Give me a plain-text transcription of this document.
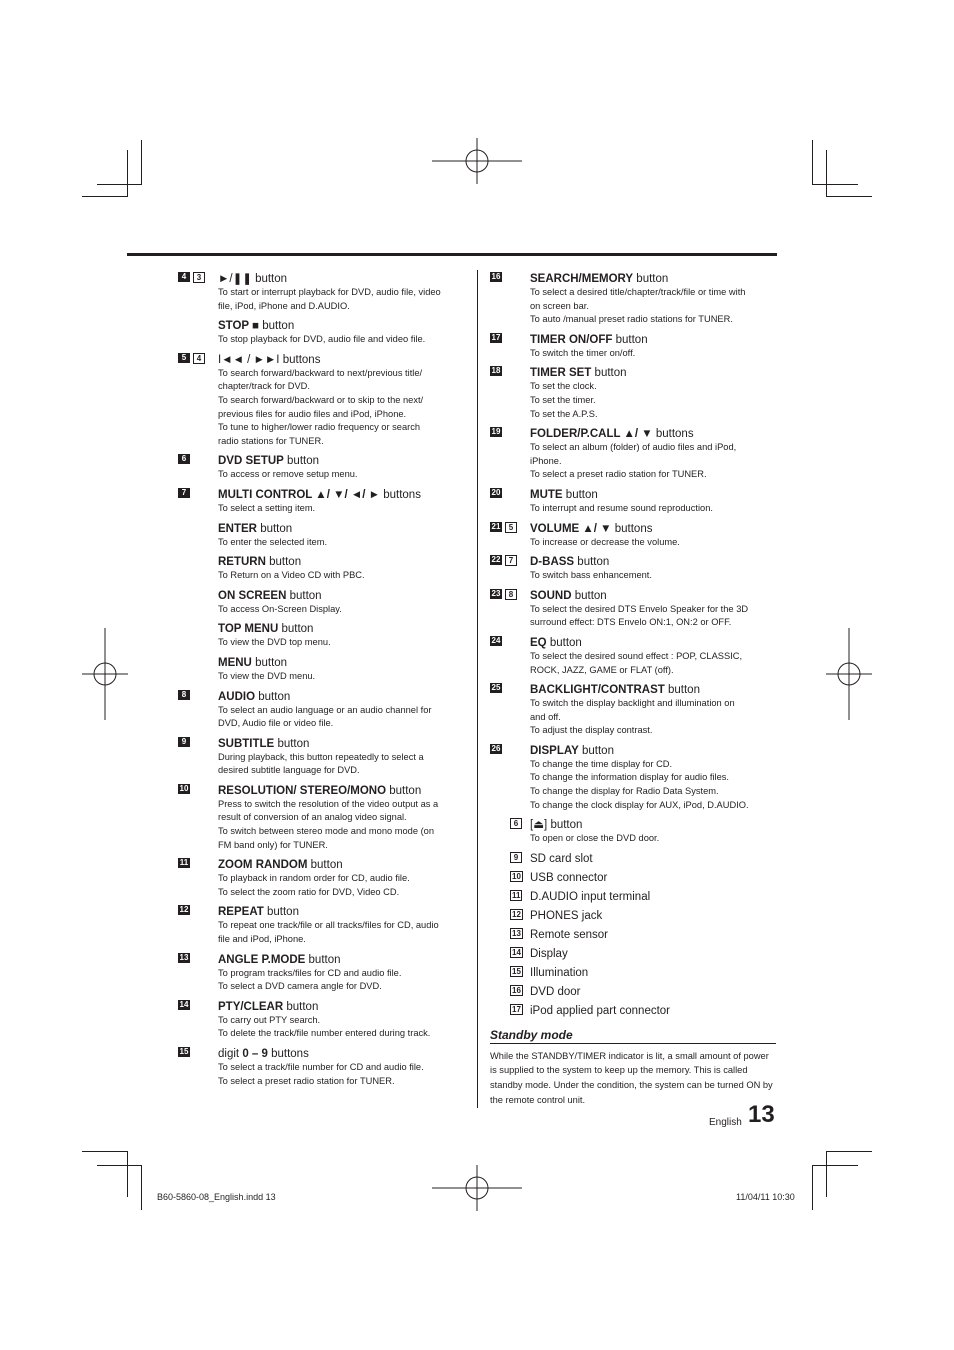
4	3	►/❚❚ button
To start or interrupt playback for DVD, audio file, video
file, iPod, iPhone and D.AUDIO.
STOP ■ button
To stop playback for DVD, audio file and video file.
5	4	I◄◄ / ►►I buttons
To search forward/backward to next/previous title/
chapter/track for DVD.
To search forward/backward or to skip to the next/
previous files for audio files and iPod, iPhone.
To tune to higher/lower radio frequency or search
radio stations for TUNER.
6	DVD SETUP button
To access or remove setup menu.
7	MULTI CONTROL ▲/ ▼/ ◄/ ► buttons
To select a setting item.
ENTER button
To enter the selected item.
RETURN button
To Return on a Video CD with PBC.
ON SCREEN button
To access On-Screen Display.
TOP MENU button
To view the DVD top menu.
MENU button
To view the DVD menu.
8	AUDIO button
To select an audio language or an audio channel for
DVD, Audio file or video file.
9	SUBTITLE button
During playback, this button repeatedly to select a
desired subtitle language for DVD.
10	RESOLUTION/ STEREO/MONO button
Press to switch the resolution of the video output as a
result of conversion of an analog video signal.
To switch between stereo mode and mono mode (on
FM band only) for TUNER.
11	ZOOM RANDOM button
To playback in random order for CD, audio file.
To select the zoom ratio for DVD, Video CD.
12	REPEAT button
To repeat one track/file or all tracks/files for CD, audio
file and iPod, iPhone.
13	ANGLE P.MODE button
To program tracks/files for CD and audio file.
To select a DVD camera angle for DVD.
14	PTY/CLEAR button
To carry out PTY search.
To delete the track/file number entered during track.
15	digit 0 – 9 buttons
To select a track/file number for CD and audio file.
To select a preset radio station for TUNER.
16	SEARCH/MEMORY button
To select a desired title/chapter/track/file or time with
on screen bar.
To auto /manual preset radio stations for TUNER.
17	TIMER ON/OFF button
To switch the timer on/off.
18	TIMER SET button
To set the clock.
To set the timer.
To set the A.P.S.
19	FOLDER/P.CALL ▲/ ▼ buttons
To select an album (folder) of audio files and iPod,
iPhone.
To select a preset radio station for TUNER.
20	MUTE button
To interrupt and resume sound reproduction.
21	5	VOLUME ▲/ ▼ buttons
To increase or decrease the volume.
22	7	D-BASS button
To switch bass enhancement.
23	8	SOUND button
To select the desired DTS Envelo Speaker for the 3D
surround effect: DTS Envelo ON:1, ON:2 or OFF.
24	EQ button
To select the desired sound effect : POP, CLASSIC,
ROCK, JAZZ, GAME or FLAT (off).
25	BACKLIGHT/CONTRAST button
To switch the display backlight and illumination on
and off.
To adjust the display contrast.
26	DISPLAY button
To change the time display for CD.
To change the information display for audio files.
To change the display for Radio Data System.
To change the clock display for AUX, iPod, D.AUDIO.
6	[⏏] button
To open or close the DVD door.
9	SD card slot
10 USB connector
11 D.AUDIO input terminal
12 PHONES jack
13 Remote sensor
14 Display
15 Illumination
16 DVD door
17 iPod applied part connector
Standby mode
While the STANDBY/TIMER indicator is lit, a small amount of power is supplied to the system to keep up the memory. This is called standby mode. Under the condition, the system can be turned ON by the remote control unit.
English 13
B60-5860-08_English.indd 13	11/04/11 10:30
